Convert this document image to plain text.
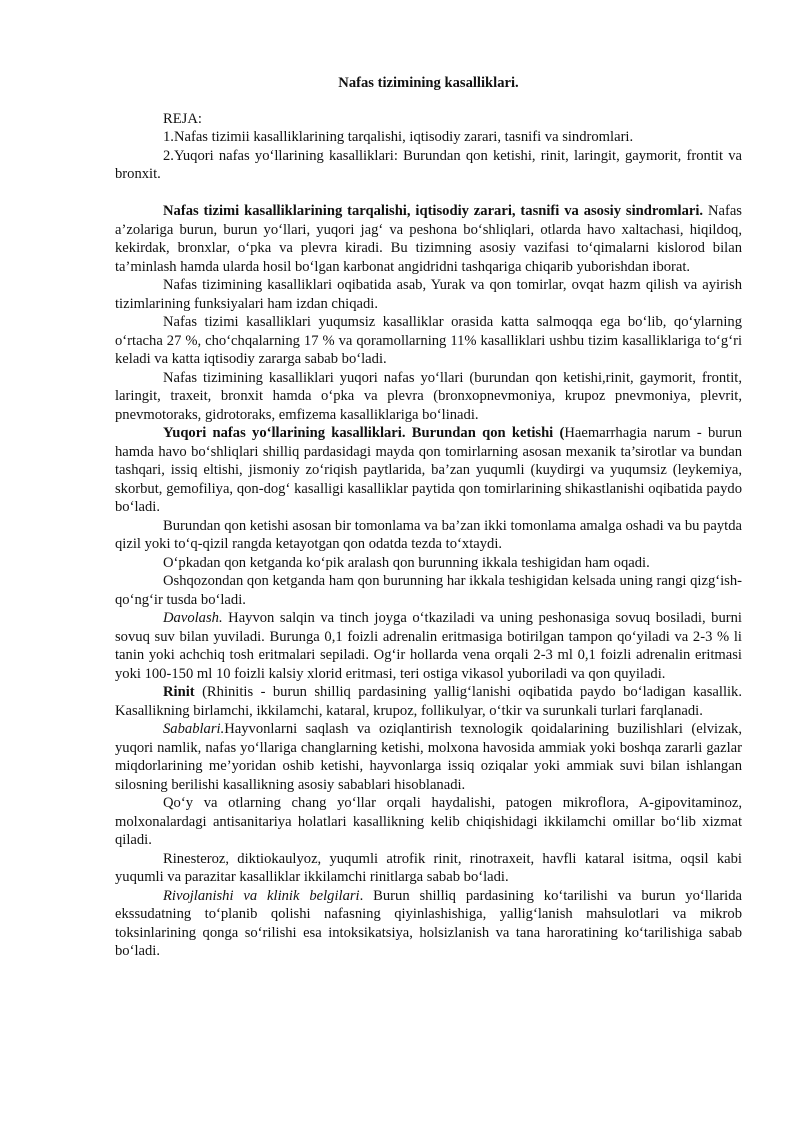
Nafas tizimining kasalliklari.

REJA:

1.Nafas tizimii kasalliklarining tarqalishi, iqtisodiy zarari, tasnifi va sindromlari.

2.Yuqori nafas yo‘llarining kasalliklari: Burundan qon ketishi, rinit, laringit, gaymorit, frontit va bronxit.

Nafas tizimi kasalliklarining tarqalishi, iqtisodiy zarari, tasnifi va asosiy sindromlari. Nafas a’zolariga burun, burun yo‘llari, yuqori jag‘ va peshona bo‘shliqlari, otlarda havo xaltachasi, hiqildoq, kekirdak, bronxlar, o‘pka va plevra kiradi. Bu tizimning asosiy vazifasi to‘qimalarni kislorod bilan ta’minlash hamda ularda hosil bo‘lgan karbonat angidridni tashqariga chiqarib yuborishdan iborat.

Nafas tizimining kasalliklari oqibatida asab, Yurak va qon tomirlar, ovqat hazm qilish va ayirish tizimlarining funksiyalari ham izdan chiqadi.

Nafas tizimi kasalliklari yuqumsiz kasalliklar orasida katta salmoqqa ega bo‘lib, qo‘ylarning o‘rtacha 27 %, cho‘chqalarning 17 % va qoramollarning 11% kasalliklari ushbu tizim kasalliklariga to‘g‘ri keladi va katta iqtisodiy zararga sabab bo‘ladi.

Nafas tizimining kasalliklari yuqori nafas yo‘llari (burundan qon ketishi,rinit, gaymorit, frontit, laringit, traxeit, bronxit hamda o‘pka va plevra (bronxopnevmoniya, krupoz pnevmoniya, plevrit, pnevmotoraks, gidrotoraks, emfizema kasalliklariga bo‘linadi.

Yuqori nafas yo‘llarining kasalliklari. Burundan qon ketishi (Haemarrhagia narum - burun hamda havo bo‘shliqlari shilliq pardasidagi mayda qon tomirlarning asosan mexanik ta’sirotlar va bundan tashqari, issiq eltishi, jismoniy zo‘riqish paytlarida, ba’zan yuqumli (kuydirgi va yuqumsiz (leykemiya, skorbut, gemofiliya, qon-dog‘ kasalligi kasalliklar paytida qon tomirlarining shikastlanishi oqibatida paydo bo‘ladi.

Burundan qon ketishi asosan bir tomonlama va ba’zan ikki tomonlama amalga oshadi va bu paytda qizil yoki to‘q-qizil rangda ketayotgan qon odatda tezda to‘xtaydi.

O‘pkadan qon ketganda ko‘pik aralash qon burunning ikkala teshigidan ham oqadi.

Oshqozondan qon ketganda ham qon burunning har ikkala teshigidan kelsada uning rangi qizg‘ish-qo‘ng‘ir tusda bo‘ladi.

Davolash. Hayvon salqin va tinch joyga o‘tkaziladi va uning peshonasiga sovuq bosiladi, burni sovuq suv bilan yuviladi. Burunga 0,1 foizli adrenalin eritmasiga botirilgan tampon qo‘yiladi va 2-3 % li tanin yoki achchiq tosh eritmalari sepiladi. Og‘ir hollarda vena orqali 2-3 ml 0,1 foizli adrenalin eritmasi yoki 100-150 ml 10 foizli kalsiy xlorid eritmasi, teri ostiga vikasol yuboriladi va qon quyiladi.

Rinit (Rhinitis - burun shilliq pardasining yallig‘lanishi oqibatida paydo bo‘ladigan kasallik. Kasallikning birlamchi, ikkilamchi, kataral, krupoz, follikulyar, o‘tkir va surunkali turlari farqlanadi.

Sabablari.Hayvonlarni saqlash va oziqlantirish texnologik qoidalarining buzilishlari (elvizak, yuqori namlik, nafas yo‘llariga changlarning ketishi, molxona havosida ammiak yoki boshqa zararli gazlar miqdorlarining me’yoridan oshib ketishi, hayvonlarga issiq oziqalar yoki ammiak suvi bilan ishlangan silosning berilishi kasallikning asosiy sabablari hisoblanadi.

Qo‘y va otlarning chang yo‘llar orqali haydalishi, patogen mikroflora, A-gipovitaminoz, molxonalardagi antisanitariya holatlari kasallikning kelib chiqishidagi ikkilamchi omillar bo‘lib xizmat qiladi.

Rinesteroz, diktiokaulyoz, yuqumli atrofik rinit, rinotraxeit, havfli kataral isitma, oqsil kabi yuqumli va parazitar kasalliklar ikkilamchi rinitlarga sabab bo‘ladi.

Rivojlanishi va klinik belgilari. Burun shilliq pardasining ko‘tarilishi va burun yo‘llarida ekssudatning to‘planib qolishi nafasning qiyinlashishiga, yallig‘lanish mahsulotlari va mikrob toksinlarining qonga so‘rilishi esa intoksikatsiya, holsizlanish va tana haroratining ko‘tarilishiga sabab bo‘ladi.
